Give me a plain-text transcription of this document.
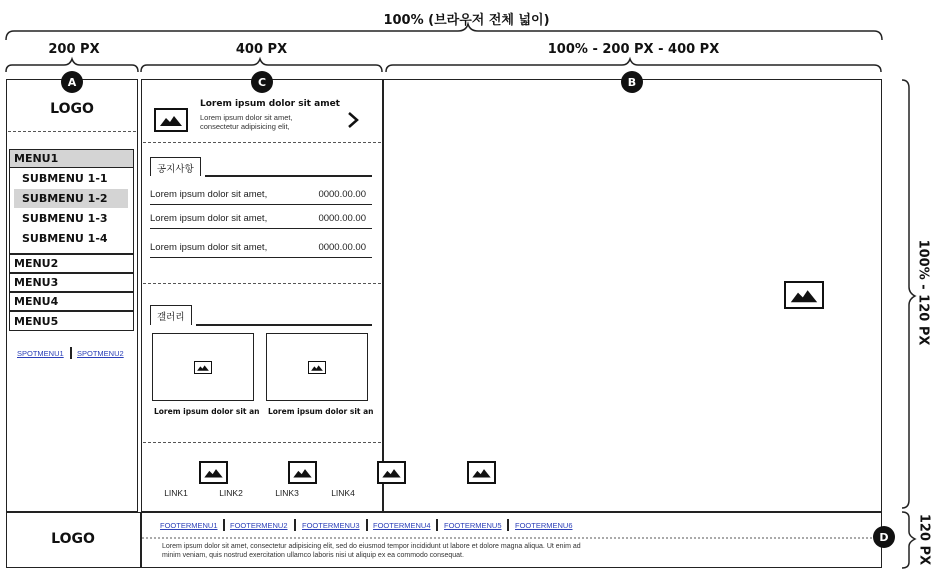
100% (브라우저 전체 넓이)
200 PX	400 PX	100% - 200 PX - 400 PX
100% - 120 PX
120 PX
A	C	B
D
LOGO
MENU1
SUBMENU 1-1
SUBMENU 1-2
SUBMENU 1-3
SUBMENU 1-4
MENU2
MENU3
MENU4
MENU5
SPOTMENU1 SPOTMENU2

Lorem ipsum dolor sit amet
Lorem ipsum dolor sit amet,
consectetur adipisicing elit,
공지사항
Lorem ipsum dolor sit amet,	0000.00.00
Lorem ipsum dolor sit amet,	0000.00.00
Lorem ipsum dolor sit amet,	0000.00.00
갤러리
Lorem ipsum dolor sit an Lorem ipsum dolor sit an

LINK1	LINK2	LINK3	LINK4
LOGO
FOOTERMENU1 FOOTERMENU2 FOOTERMENU3 FOOTERMENU4 FOOTERMENU5 FOOTERMENU6
Lorem ipsum dolor sit amet, consectetur adipisicing elit, sed do eiusmod tempor incididunt ut labore et dolore magna aliqua. Ut enim ad
minim veniam, quis nostrud exercitation ullamco laboris nisi ut aliquip ex ea commodo consequat.
